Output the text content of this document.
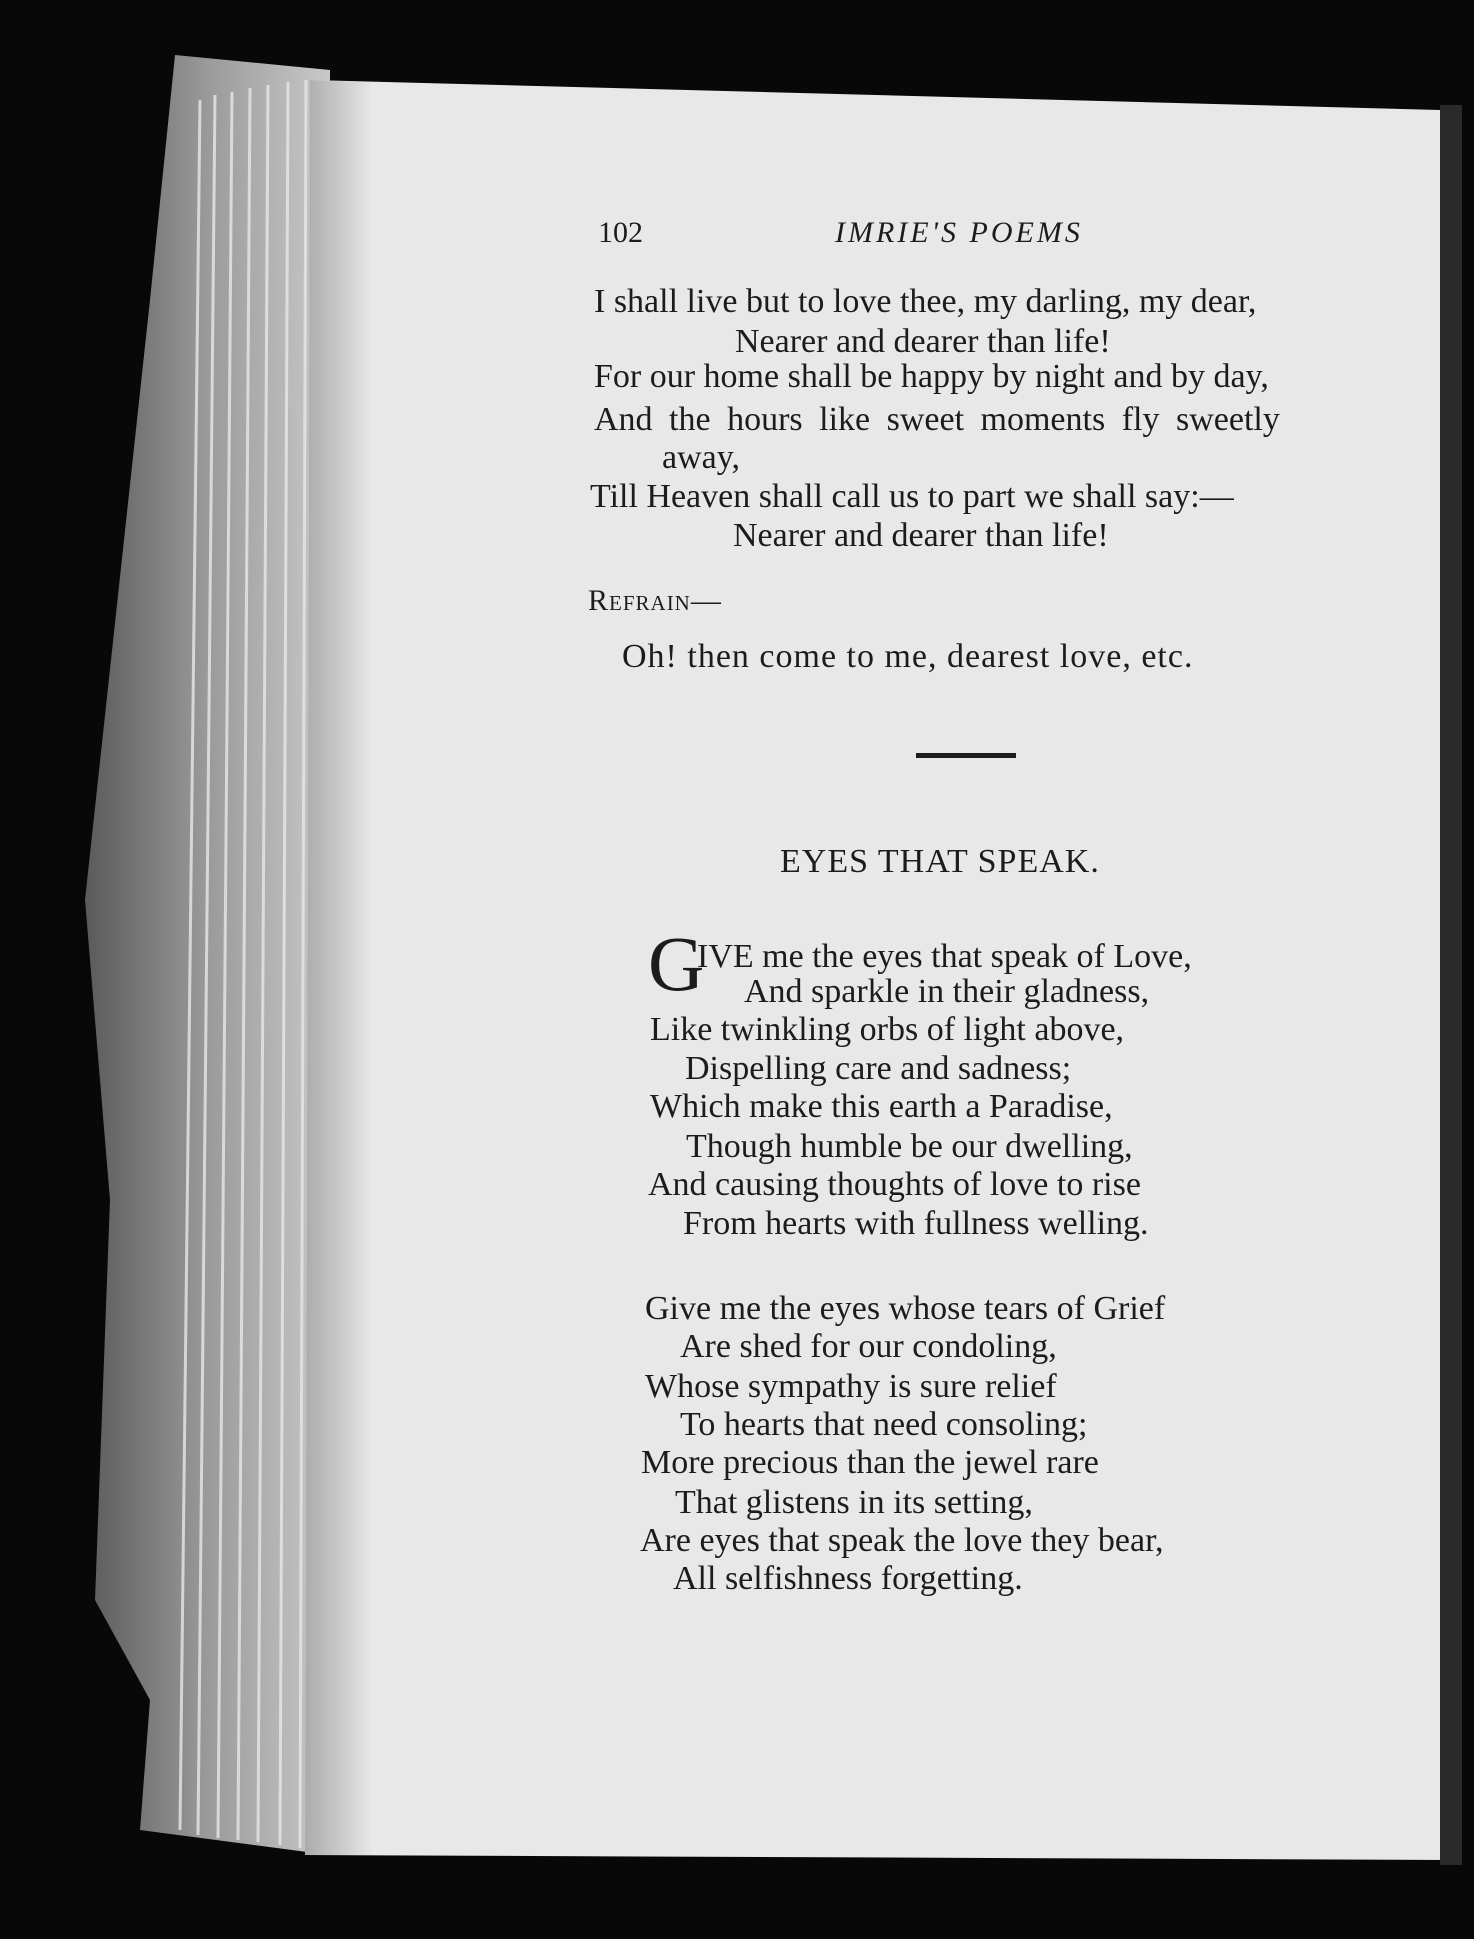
102	IMRIE'S POEMS
I shall live but to love thee, my darling, my dear,
Nearer and dearer than life!
For our home shall be happy by night and by day,
And the hours like sweet moments fly sweetly
away,
Till Heaven shall call us to part we shall say:—
Nearer and dearer than life!
Refrain—
Oh! then come to me, dearest love, etc.
EYES THAT SPEAK.
G
IVE me the eyes that speak of Love,
And sparkle in their gladness,
Like twinkling orbs of light above,
Dispelling care and sadness;
Which make this earth a Paradise,
Though humble be our dwelling,
And causing thoughts of love to rise
From hearts with fullness welling.
Give me the eyes whose tears of Grief
Are shed for our condoling,
Whose sympathy is sure relief
To hearts that need consoling;
More precious than the jewel rare
That glistens in its setting,
Are eyes that speak the love they bear,
All selfishness forgetting.
